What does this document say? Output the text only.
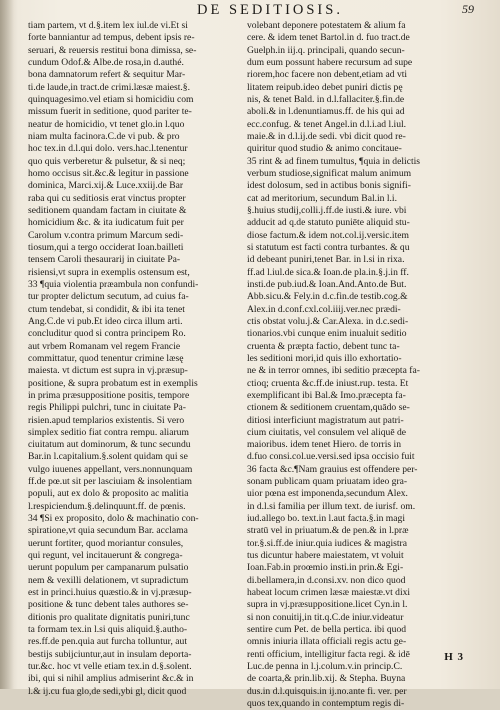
DE SEDITIOSIS.	59
tiam partem, vt d.§.item lex iul.de vi.Et si
forte banniantur ad tempus, debent ipsis re-
seruari, & reuersis restitui bona dimissa, se-
cundum Odof.& Albe.de rosa,in d.authé.
bona damnatorum refert & sequitur Mar-
ti.de laude,in tract.de crimi.læsæ maiest.§.
quinquagesimo.vel etiam si homicidiu com
missum fuerit in seditione, quod pariter te-
neatur de homicidio, vt tenet glo.in l.quo
niam multa facinora.C.de vi pub. & pro
hoc tex.in d.l.qui dolo. vers.hac.l.tenentur
quo quis verberetur & pulsetur, & si neq;
homo occisus sit.&c.& legitur in passione
dominica, Marci.xij.& Luce.xxiij.de Bar
raba qui cu seditiosis erat vinctus propter
seditionem quandam factam in ciuitate &
homicidium &c. & ita iudicatum fuit per
Carolum v.contra primum Marcum sedi-
tiosum,qui a tergo occiderat Ioan.bailleti
tensem Caroli thesaurarij in ciuitate Pa-
risiensi,vt supra in exemplis ostensum est,
33 ¶quia violentia præambula non confundi-
tur propter delictum secutum, ad cuius fa-
ctum tendebat, si condidit, & ibi ita tenet
Ang.C.de vi pub.Et ideo circa illum arti.
concluditur quod si contra principem Ro.
aut vrbem Romanam vel regem Francie
committatur, quod tenentur crimine læsę
maiesta. vt dictum est supra in vj.præsup-
positione, & supra probatum est in exemplis
in prima præsuppositione positis, tempore
regis Philippi pulchri, tunc in ciuitate Pa-
risien.apud templarios existentis. Si vero
simplex seditio fiat contra rempu. aliarum
ciuitatum aut dominorum, & tunc secundu
Bar.in l.capitalium.§.solent quidam qui se
vulgo iuuenes appellant, vers.nonnunquam
ff.de pœ.ut sit per lasciuiam & insolentiam
populi, aut ex dolo & proposito ac malitia
l.respiciendum.§.delinquunt.ff. de pœnis.
34 ¶Si ex proposito, dolo & machinatio con-
spiratione,vt quia secundum Bar. acclama
uerunt fortiter, quod moriantur consules,
qui regunt, vel incitauerunt & congrega-
uerunt populum per campanarum pulsatio
nem & vexilli delationem, vt supradictum
est in princi.huius quæstio.& in vj.præsup-
positione & tunc debent tales authores se-
ditionis pro qualitate dignitatis puniri,tunc
ta formam tex.in l.si quis aliquid.§.autho-
res.ff.de pen.quia aut furcha tolluntur, aut
bestijs subijciuntur,aut in insulam deporta-
tur.&c. hoc vt velle etiam tex.in d.§.solent.
ibi, qui si nihil amplius admiserint &c.& in
l.& ij.cu fua glo,de sedi,ybi gl, dicit quod
volebant deponere potestatem & alium fa
cere. & idem tenet Bartol.in d. fuo tract.de
Guelph.in iij.q. principali, quando secun-
dum eum possunt habere recursum ad supe
riorem,hoc facere non debent,etiam ad vti
litatem reipub.ideo debet puniri dictis pę
nis, & tenet Bald. in d.l.fallaciter.§.fin.de
aboli.& in l.denuntiamus.ff. de his qui ad
ecc.confug. & tenet Angel.in d.l.i.ad l.iul.
maie.& in d.l.ij.de sedi. vbi dicit quod re-
quiritur quod studio & animo concitaue-
35 rint & ad finem tumultus, ¶quia in delictis
verbum studiose,significat malum animum
idest dolosum, sed in actibus bonis signifi-
cat ad meritorium, secundum Bal.in l.i.
§.huius studij,colli.j.ff.de iusti.& iure. vbi
adducit ad q.de statuto puniēte aliquid stu-
diose factum.& idem not.col.ij.versic.item
si statutum est facti contra turbantes. & qu
id debeant puniri,tenet Bar. in l.si in rixa.
ff.ad l.iul.de sica.& Ioan.de pla.in.§.j.in ff.
insti.de pub.iud.& Ioan.And.Anto.de But.
Abb.sicu.& Fely.in d.c.fin.de testib.cog.&
Alex.in d.conf.cxl.col.iiij.ver.nec prædi-
ctis obstat volu.j.& Car.Alexa. in d.c.sedi-
tionarios.vbi cunque enim inualuit seditio
cruenta & præpta factio, debent tunc ta-
les seditioni mori,id quis illo exhortatio-
ne & in terror omnes, ibi seditio præcepta fa-
ctioq; cruenta &c.ff.de iniust.rup. testa. Et
exemplificant ibi Bal.& Imo.præcepta fa-
ctionem & seditionem cruentam,quādo se-
ditiosi interficiunt magistratum aut patri-
cium ciuitatis, vel consulem vel aliquē de
maioribus. idem tenet Hiero. de torris in
d.fuo consi.col.ue.versi.sed ipsa occisio fuit
36 facta &c.¶Nam grauius est offendere per-
sonam publicam quam priuatam ideo gra-
uior pœna est imponenda,secundum Alex.
in d.l.si familia per illum text. de iurisf. om.
iud.allego bo. text.in l.aut facta.§.in magi
stratū vel in priuatum.& de pen.& in l.præ
tor.§.si.ff.de iniur.quia iudices & magistra
tus dicuntur habere maiestatem, vt voluit
Ioan.Fab.in proœmio insti.in prin.& Egi-
di.bellamera,in d.consi.xv. non dico quod
habeat locum crimen læsæ maiestæ.vt dixi
supra in vj.præsuppositione.licet Cyn.in l.
si non conuitij,in tit.q.C.de iniur.videatur
sentire cum Pet. de bella pertica. ibi quod
omnis iniuria illata officiali regis actu ge-
renti officium, intelligitur facta regi. & idē
Luc.de penna in l.j.colum.v.in princip.C.
de coarta,& prin.lib.xij. & Stepha. Buyna
dus.in d.l.quisquis.in ij.no.ante fi. ver. per
quos tex,quando in contemptum regis di-
H 3
